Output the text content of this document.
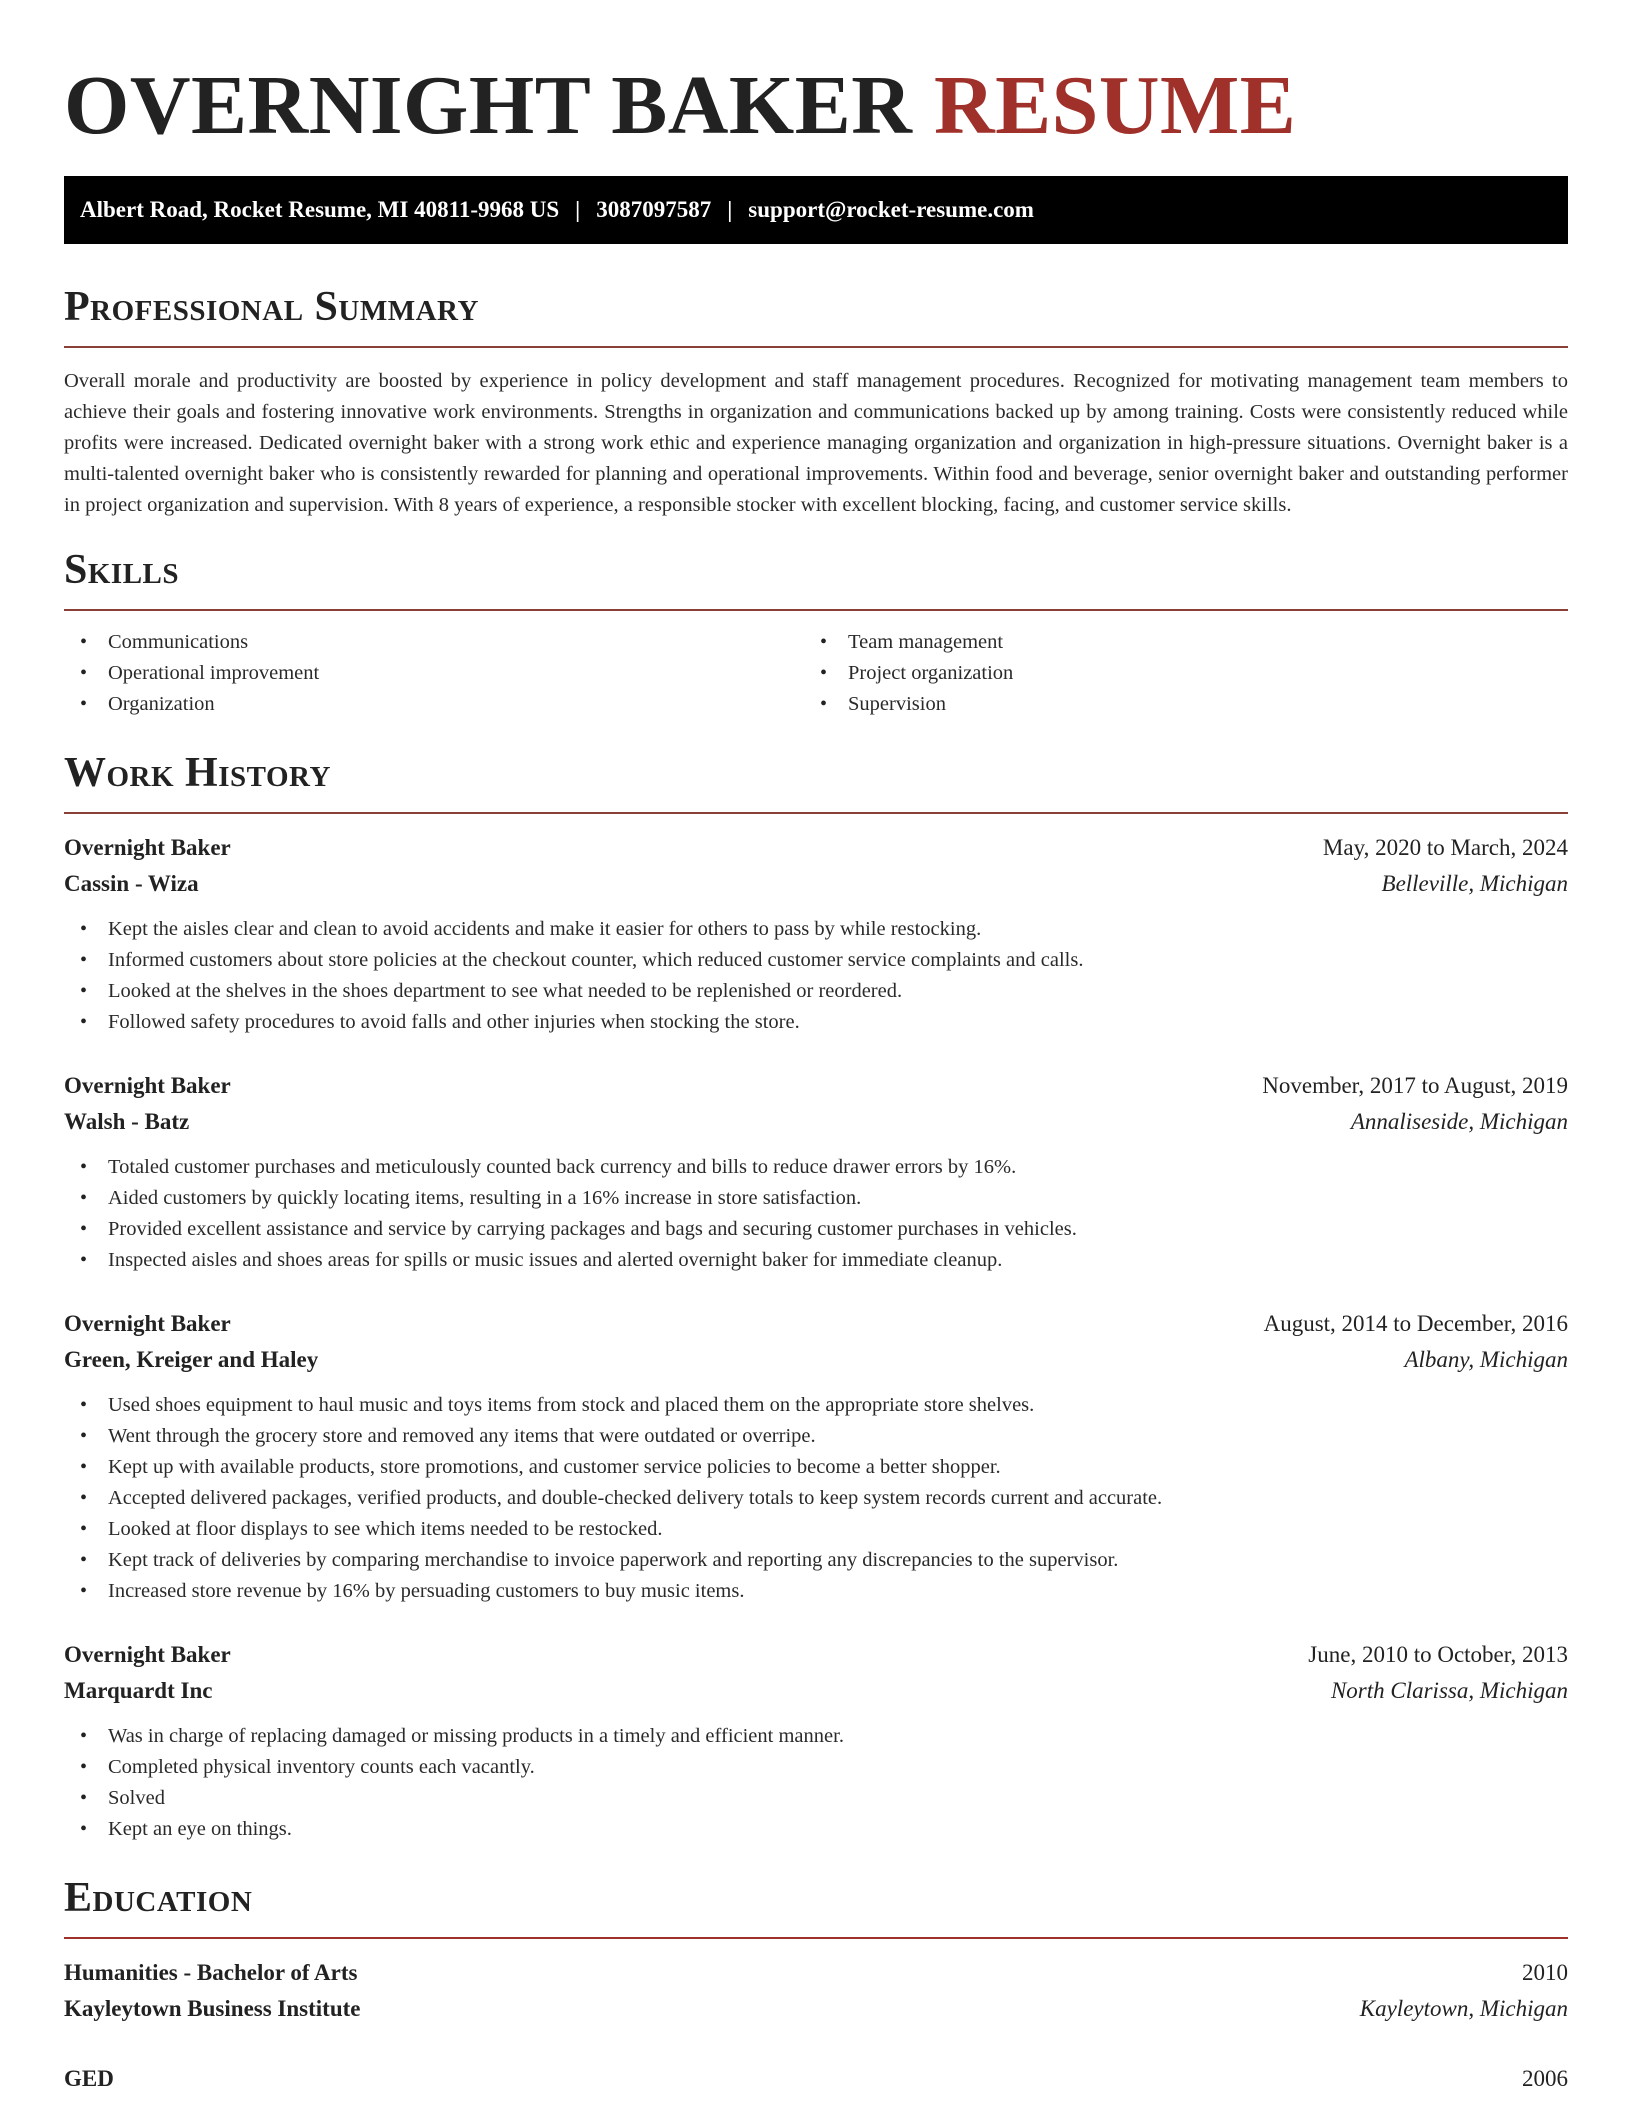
OVERNIGHT BAKER RESUME
Albert Road, Rocket Resume, MI 40811-9968 US | 3087097587 | support@rocket-resume.com
Professional Summary

Overall morale and productivity are boosted by experience in policy development and staff management procedures. Recognized for motivating management team members to achieve their goals and fostering innovative work environments. Strengths in organization and communications backed up by among training. Costs were consistently reduced while profits were increased. Dedicated overnight baker with a strong work ethic and experience managing organization and organization in high-pressure situations. Overnight baker is a multi-talented overnight baker who is consistently rewarded for planning and operational improvements. Within food and beverage, senior overnight baker and outstanding performer in project organization and supervision. With 8 years of experience, a responsible stocker with excellent blocking, facing, and customer service skills.

Skills
• Communications
• Operational improvement
• Organization
• Team management
• Project organization
• Supervision
Work History
Overnight Baker	May, 2020 to March, 2024
Cassin - Wiza	Belleville, Michigan
• Kept the aisles clear and clean to avoid accidents and make it easier for others to pass by while restocking.
• Informed customers about store policies at the checkout counter, which reduced customer service complaints and calls.
• Looked at the shelves in the shoes department to see what needed to be replenished or reordered.
• Followed safety procedures to avoid falls and other injuries when stocking the store.
Overnight Baker	November, 2017 to August, 2019
Walsh - Batz	Annaliseside, Michigan
• Totaled customer purchases and meticulously counted back currency and bills to reduce drawer errors by 16%.
• Aided customers by quickly locating items, resulting in a 16% increase in store satisfaction.
• Provided excellent assistance and service by carrying packages and bags and securing customer purchases in vehicles.
• Inspected aisles and shoes areas for spills or music issues and alerted overnight baker for immediate cleanup.
Overnight Baker	August, 2014 to December, 2016
Green, Kreiger and Haley	Albany, Michigan
• Used shoes equipment to haul music and toys items from stock and placed them on the appropriate store shelves.
• Went through the grocery store and removed any items that were outdated or overripe.
• Kept up with available products, store promotions, and customer service policies to become a better shopper.
• Accepted delivered packages, verified products, and double-checked delivery totals to keep system records current and accurate.
• Looked at floor displays to see which items needed to be restocked.
• Kept track of deliveries by comparing merchandise to invoice paperwork and reporting any discrepancies to the supervisor.
• Increased store revenue by 16% by persuading customers to buy music items.
Overnight Baker	June, 2010 to October, 2013
Marquardt Inc	North Clarissa, Michigan
• Was in charge of replacing damaged or missing products in a timely and efficient manner.
• Completed physical inventory counts each vacantly.
• Solved
• Kept an eye on things.
Education
Humanities - Bachelor of Arts	2010
Kayleytown Business Institute	Kayleytown, Michigan
GED	2006
